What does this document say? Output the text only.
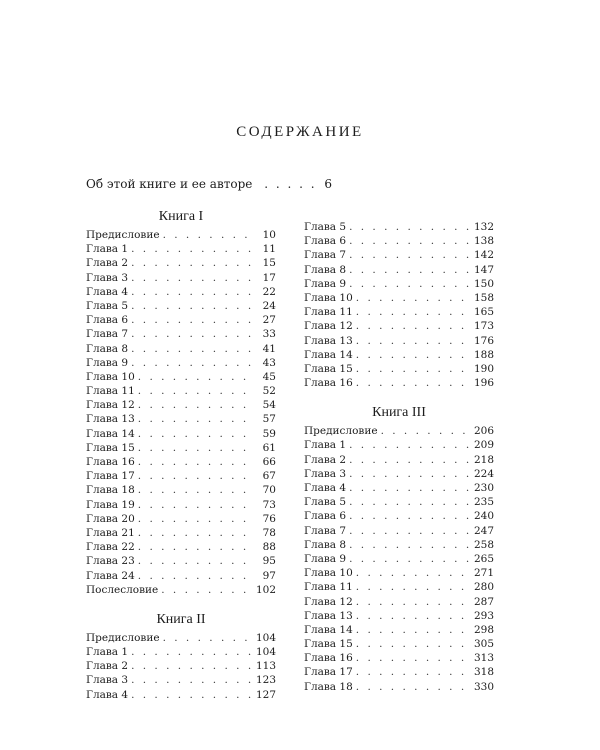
СОДЕРЖАНИЕ
Об этой книге и ее авторе . . . . . 6
Книга I
Предисловие . . .	10
Глава 1 . . .	11
Глава 2 . . .	15
Глава 3 . . .	17
Глава 4 . . .	22
Глава 5 . . .	24
Глава 6 . . .	27
Глава 7 . . .	33
Глава 8 . . .	41
Глава 9 . . .	43
Глава 10 . . .	45
Глава 11 . . .	52
Глава 12 . . .	54
Глава 13 . . .	57
Глава 14 . . .	59
Глава 15 . . .	61
Глава 16 . . .	66
Глава 17 . . .	67
Глава 18 . . .	70
Глава 19 . . .	73
Глава 20 . . .	76
Глава 21 . . .	78
Глава 22 . . .	88
Глава 23 . . .	95
Глава 24 . . .	97
Послесловие . . .	102
Книга II
Предисловие . . .	104
Глава 1 . . .	104
Глава 2 . . .	113
Глава 3 . . .	123
Глава 4 . . .	127
Глава 5 . . .	132
Глава 6 . . .	138
Глава 7 . . .	142
Глава 8 . . .	147
Глава 9 . . .	150
Глава 10 . . .	158
Глава 11 . . .	165
Глава 12 . . .	173
Глава 13 . . .	176
Глава 14 . . .	188
Глава 15 . . .	190
Глава 16 . . .	196
Книга III
Предисловие . . .	206
Глава 1 . . .	209
Глава 2 . . .	218
Глава 3 . . .	224
Глава 4 . . .	230
Глава 5 . . .	235
Глава 6 . . .	240
Глава 7 . . .	247
Глава 8 . . .	258
Глава 9 . . .	265
Глава 10 . . .	271
Глава 11 . . .	280
Глава 12 . . .	287
Глава 13 . . .	293
Глава 14 . . .	298
Глава 15 . . .	305
Глава 16 . . .	313
Глава 17 . . .	318
Глава 18 . . .	330
